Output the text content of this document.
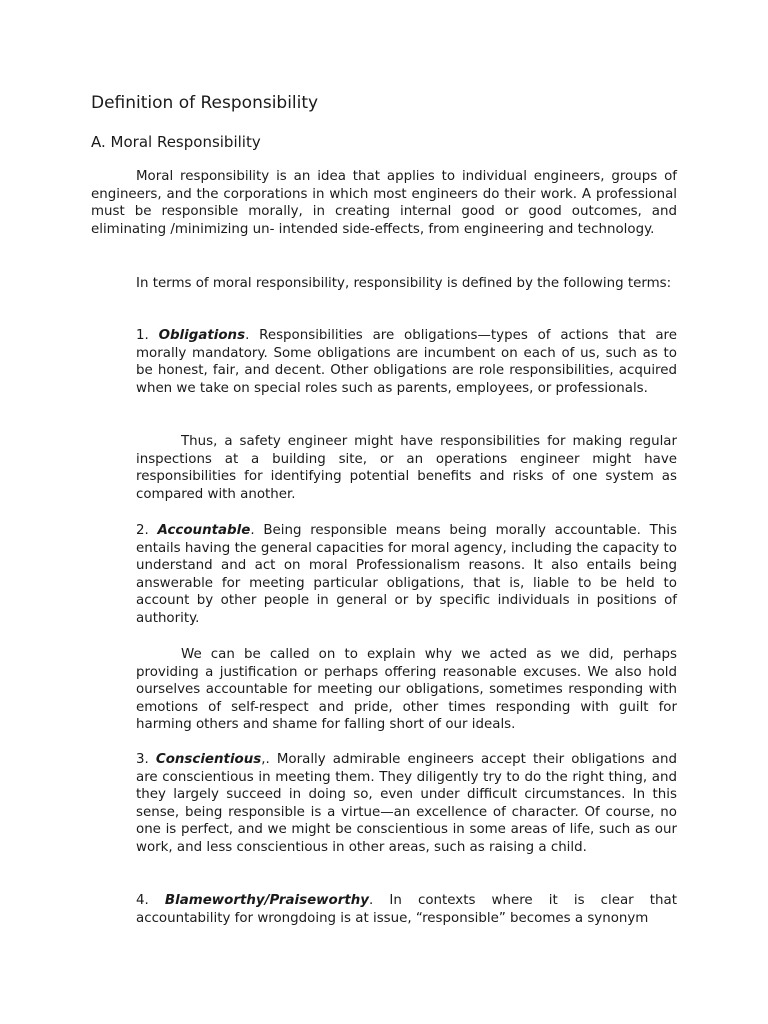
Definition of Responsibility
A. Moral Responsibility

Moral responsibility is an idea that applies to individual engineers, groups of engineers, and the corporations in which most engineers do their work. A professional must be responsible morally, in creating internal good or good outcomes, and eliminating /minimizing un- intended side-effects, from engineering and technology.

In terms of moral responsibility, responsibility is defined by the following terms:

1. Obligations. Responsibilities are obligations—types of actions that are morally mandatory. Some obligations are incumbent on each of us, such as to be honest, fair, and decent. Other obligations are role responsibilities, acquired when we take on special roles such as parents, employees, or professionals.

Thus, a safety engineer might have responsibilities for making regular inspections at a building site, or an operations engineer might have responsibilities for identifying potential benefits and risks of one system as compared with another.

2. Accountable. Being responsible means being morally accountable. This entails having the general capacities for moral agency, including the capacity to understand and act on moral Professionalism reasons. It also entails being answerable for meeting particular obligations, that is, liable to be held to account by other people in general or by specific individuals in positions of authority.

We can be called on to explain why we acted as we did, perhaps providing a justification or perhaps offering reasonable excuses. We also hold ourselves accountable for meeting our obligations, sometimes responding with emotions of self-respect and pride, other times responding with guilt for harming others and shame for falling short of our ideals.

3. Conscientious,. Morally admirable engineers accept their obligations and are conscientious in meeting them. They diligently try to do the right thing, and they largely succeed in doing so, even under difficult circumstances. In this sense, being responsible is a virtue—an excellence of character. Of course, no one is perfect, and we might be conscientious in some areas of life, such as our work, and less conscientious in other areas, such as raising a child.

4. Blameworthy/Praiseworthy. In contexts where it is clear that accountability for wrongdoing is at issue, “responsible” becomes a synonym
